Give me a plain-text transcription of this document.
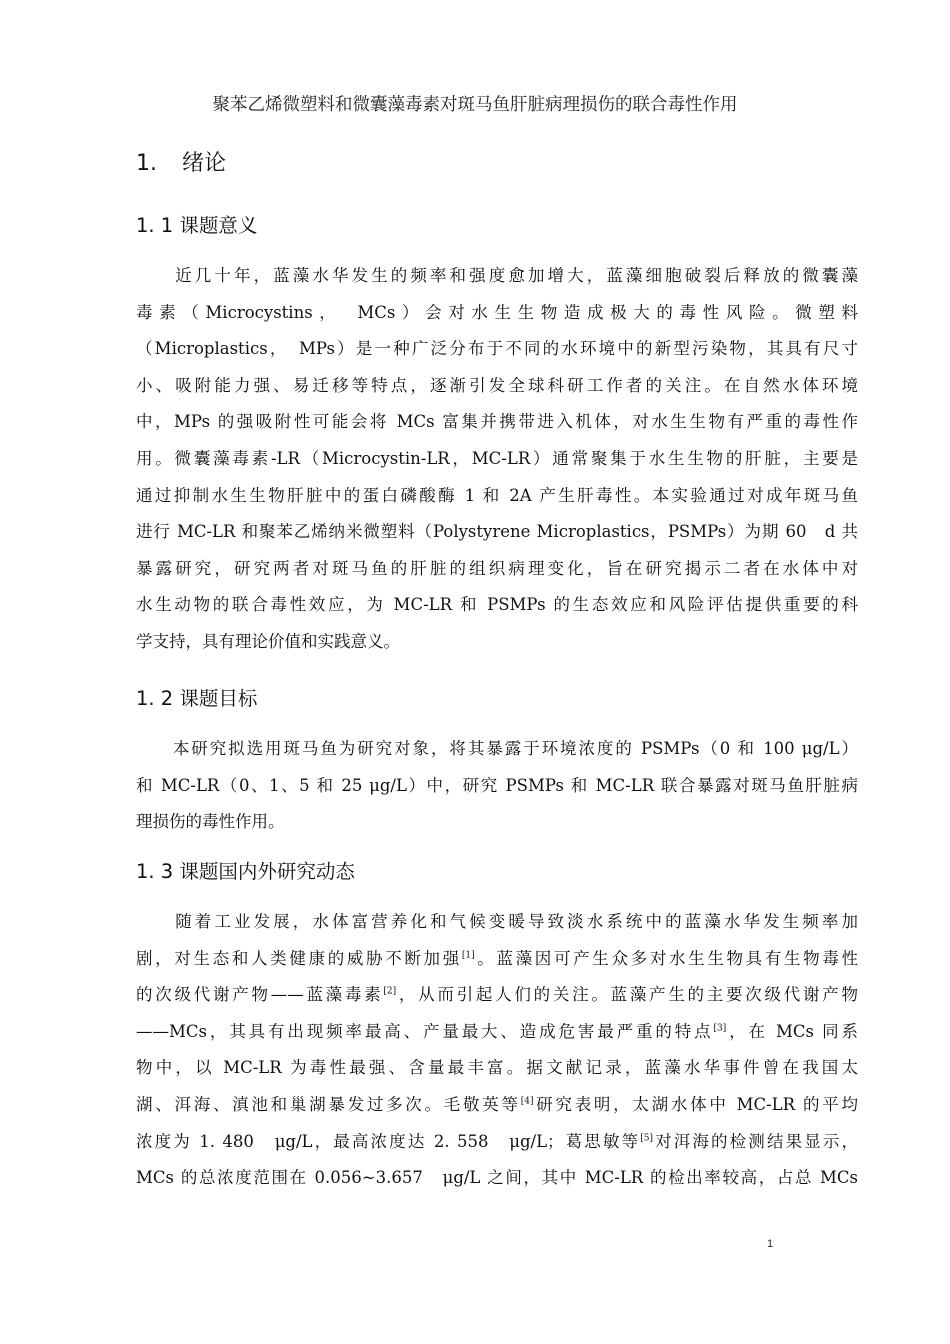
聚苯乙烯微塑料和微囊藻毒素对斑马鱼肝脏病理损伤的联合毒性作用
1. 绪论
1. 1 课题意义
　　近几十年，蓝藻水华发生的频率和强度愈加增大，蓝藻细胞破裂后释放的微囊藻
毒素（Microcystins，　MCs）会对水生生物造成极大的毒性风险。微塑料
（Microplastics，　MPs）是一种广泛分布于不同的水环境中的新型污染物，其具有尺寸
小、吸附能力强、易迁移等特点，逐渐引发全球科研工作者的关注。在自然水体环境
中，MPs 的强吸附性可能会将 MCs 富集并携带进入机体，对水生生物有严重的毒性作
用。微囊藻毒素-LR（Microcystin-LR，MC-LR）通常聚集于水生生物的肝脏，主要是
通过抑制水生生物肝脏中的蛋白磷酸酶 1 和 2A 产生肝毒性。本实验通过对成年斑马鱼
进行 MC-LR 和聚苯乙烯纳米微塑料（Polystyrene Microplastics，PSMPs）为期 60　d 共
暴露研究，研究两者对斑马鱼的肝脏的组织病理变化，旨在研究揭示二者在水体中对
水生动物的联合毒性效应，为 MC-LR 和 PSMPs 的生态效应和风险评估提供重要的科
学支持，具有理论价值和实践意义。
1. 2 课题目标
　　本研究拟选用斑马鱼为研究对象，将其暴露于环境浓度的 PSMPs（0 和 100 μg/L）
和 MC-LR（0、1、5 和 25 μg/L）中，研究 PSMPs 和 MC-LR 联合暴露对斑马鱼肝脏病
理损伤的毒性作用。
1. 3 课题国内外研究动态
　　随着工业发展，水体富营养化和气候变暖导致淡水系统中的蓝藻水华发生频率加
剧，对生态和人类健康的威胁不断加强[1]。蓝藻因可产生众多对水生生物具有生物毒性
的次级代谢产物——蓝藻毒素[2]，从而引起人们的关注。蓝藻产生的主要次级代谢产物
——MCs，其具有出现频率最高、产量最大、造成危害最严重的特点[3]，在 MCs 同系
物中，以 MC-LR 为毒性最强、含量最丰富。据文献记录，蓝藻水华事件曾在我国太
湖、洱海、滇池和巢湖暴发过多次。毛敬英等[4]研究表明，太湖水体中 MC-LR 的平均
浓度为 1. 480　μg/L，最高浓度达 2. 558　μg/L；葛思敏等[5]对洱海的检测结果显示，
MCs 的总浓度范围在 0.056~3.657　μg/L 之间，其中 MC-LR 的检出率较高，占总 MCs
1
